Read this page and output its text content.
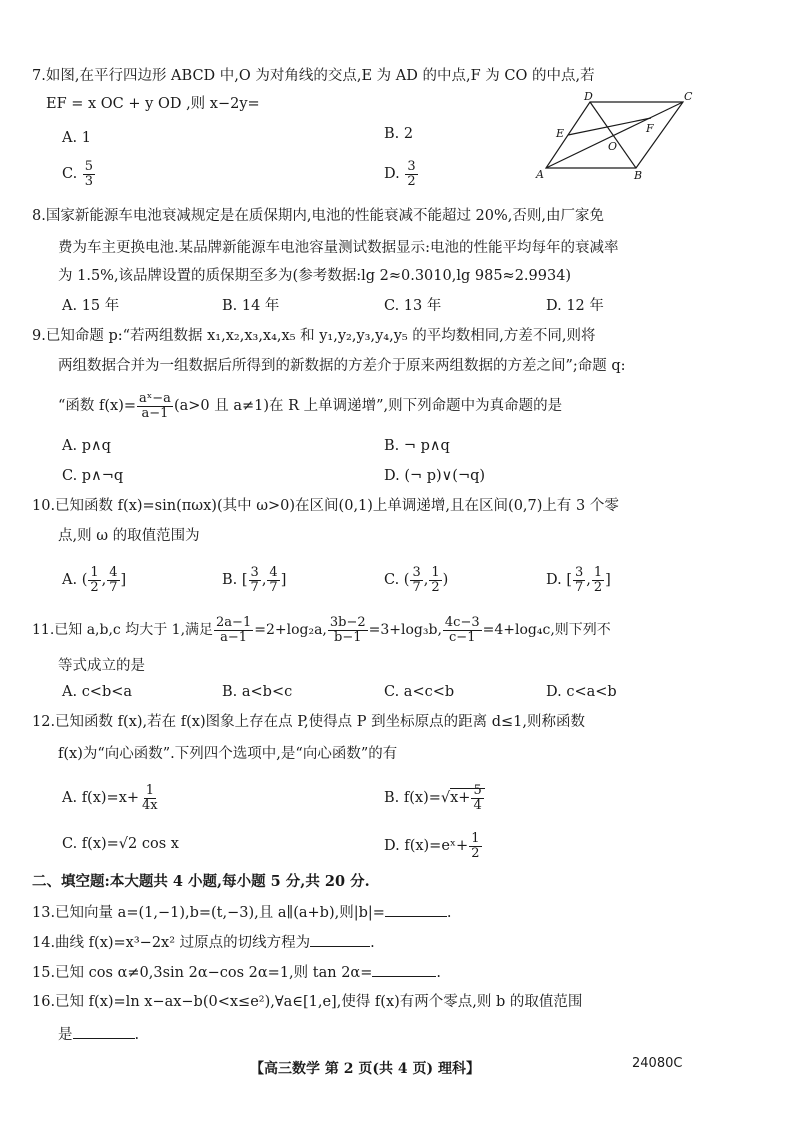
7.如图,在平行四边形 ABCD 中,O 为对角线的交点,E 为 AD 的中点,F 为 CO 的中点,若
EF = x OC + y OD ,则 x−2y=
A. 1	B. 2
C. $\frac{5}{3}$	D. $\frac{3}{2}$
D	C
E	F
O
A	B
8.国家新能源车电池衰减规定是在质保期内,电池的性能衰减不能超过 20%,否则,由厂家免
费为车主更换电池.某品牌新能源车电池容量测试数据显示:电池的性能平均每年的衰减率
为 1.5%,该品牌设置的质保期至多为(参考数据:lg 2≈0.3010,lg 985≈2.9934)
A. 15 年	B. 14 年	C. 13 年	D. 12 年
9.已知命题 p:“若两组数据 x₁,x₂,x₃,x₄,x₅ 和 y₁,y₂,y₃,y₄,y₅ 的平均数相同,方差不同,则将
两组数据合并为一组数据后所得到的新数据的方差介于原来两组数据的方差之间”;命题 q:
“函数 $f(x)= \frac{\text{aˣ−a}}{a-1} (a>0$ 且 a≠1)在 R 上单调递增”,则下列命题中为真命题的是
A. p∧q	B. ¬ p∧q
C. p∧¬q	D. (¬ p)∨(¬q)
10.已知函数 f(x)=sin(πωx)(其中 ω>0)在区间(0,1)上单调递增,且在区间(0,7)上有 3 个零
点,则 ω 的取值范围为
A. ( $\frac{1}{2}$ , $\frac{4}{7}$ ]	B. [ $\frac{3}{7}$ , $\frac{4}{7}$ ]	C. ( $\frac{3}{7}$ , $\frac{1}{2}$ )	D. [ $\frac{3}{7}$ , $\frac{1}{2}$ ]
11.已知 a,b,c 均大于 1,满足 $\frac{2a-1}{a-1} =2+\log_2a$, $\frac{3b-2}{b-1} =3+\log_3b$, $\frac{4c-3}{c-1} =4+\log_4c$,则下列不
等式成立的是
A. c<b<a	B. a<b<c	C. a<c<b	D. c<a<b
12.已知函数 f(x),若在 f(x)图象上存在点 P,使得点 P 到坐标原点的距离 d≤1,则称函数
f(x)为“向心函数”.下列四个选项中,是“向心函数”的有
A. $f(x)=x+ \frac{1}{4x}$	B. $f(x)=√x+ \frac{5}{4}$
C. f(x)=√2 cos x	D. f(x)=eˣ+ $\frac{1}{2}$
二、填空题:本大题共 4 小题,每小题 5 分,共 20 分.
13.已知向量 a=(1,−1),b=(t,−3),且 a∥(a+b),则|b|=	.
14.曲线 f(x)=x³−2x² 过原点的切线方程为	.
15.已知 cos α≠0,3sin 2α−cos 2α=1,则 tan 2α=	.
16.已知 f(x)=ln x−ax−b(0<x≤e²),∀a∈[1,e],使得 f(x)有两个零点,则 b 的取值范围
是	.
【高三数学 第 2 页(共 4 页) 理科】	24080C
